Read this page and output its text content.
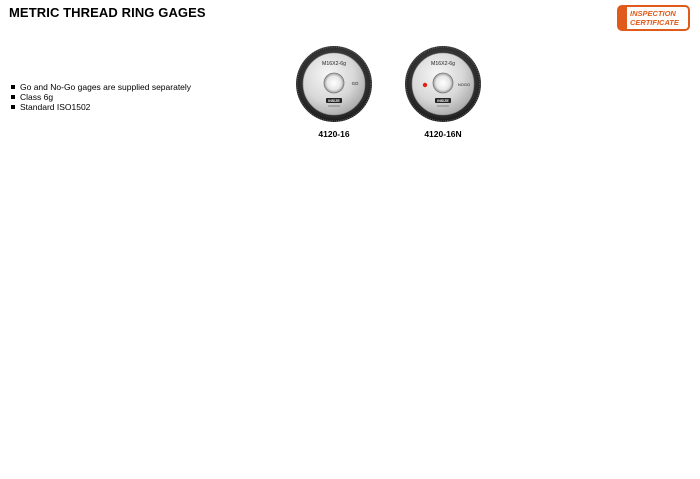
METRIC THREAD RING GAGES	INSPECTION
CERTIFICATE
Go and No-Go gages are supplied separately
Class 6g
Standard ISO1502
M16X2-6g
GO
INSIZE
4120-16
M16X2-6g
NOGO
INSIZE
4120-16N
